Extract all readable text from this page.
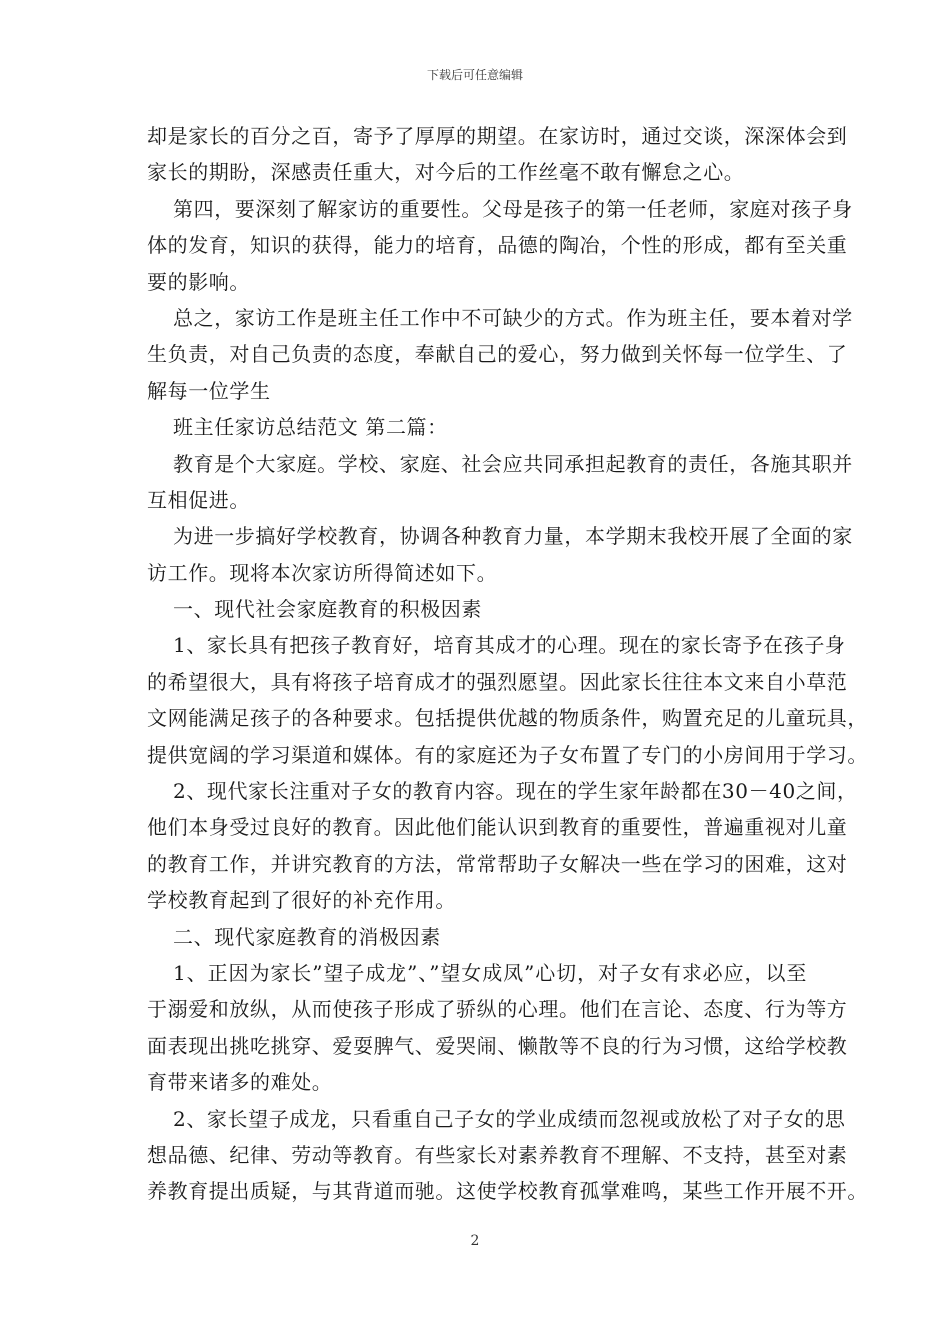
下载后可任意编辑
却是家长的百分之百，寄予了厚厚的期望。在家访时，通过交谈，深深体会到
家长的期盼，深感责任重大，对今后的工作丝毫不敢有懈怠之心。
第四，要深刻了解家访的重要性。父母是孩子的第一任老师，家庭对孩子身
体的发育，知识的获得，能力的培育，品德的陶冶，个性的形成，都有至关重
要的影响。
总之，家访工作是班主任工作中不可缺少的方式。作为班主任，要本着对学
生负责，对自己负责的态度，奉献自己的爱心，努力做到关怀每一位学生、了
解每一位学生
班主任家访总结范文 第二篇：
教育是个大家庭。学校、家庭、社会应共同承担起教育的责任，各施其职并
互相促进。
为进一步搞好学校教育，协调各种教育力量，本学期末我校开展了全面的家
访工作。现将本次家访所得简述如下。
一、现代社会家庭教育的积极因素
1、家长具有把孩子教育好，培育其成才的心理。现在的家长寄予在孩子身
的希望很大，具有将孩子培育成才的强烈愿望。因此家长往往本文来自小草范
文网能满足孩子的各种要求。包括提供优越的物质条件，购置充足的儿童玩具，
提供宽阔的学习渠道和媒体。有的家庭还为子女布置了专门的小房间用于学习。
2、现代家长注重对子女的教育内容。现在的学生家年龄都在30－40之间，
他们本身受过良好的教育。因此他们能认识到教育的重要性，普遍重视对儿童
的教育工作，并讲究教育的方法，常常帮助子女解决一些在学习的困难，这对
学校教育起到了很好的补充作用。
二、现代家庭教育的消极因素
1、正因为家长”望子成龙”、”望女成凤”心切，对子女有求必应，以至
于溺爱和放纵，从而使孩子形成了骄纵的心理。他们在言论、态度、行为等方
面表现出挑吃挑穿、爱耍脾气、爱哭闹、懒散等不良的行为习惯，这给学校教
育带来诸多的难处。
2、家长望子成龙，只看重自己子女的学业成绩而忽视或放松了对子女的思
想品德、纪律、劳动等教育。有些家长对素养教育不理解、不支持，甚至对素
养教育提出质疑，与其背道而驰。这使学校教育孤掌难鸣，某些工作开展不开。
2
